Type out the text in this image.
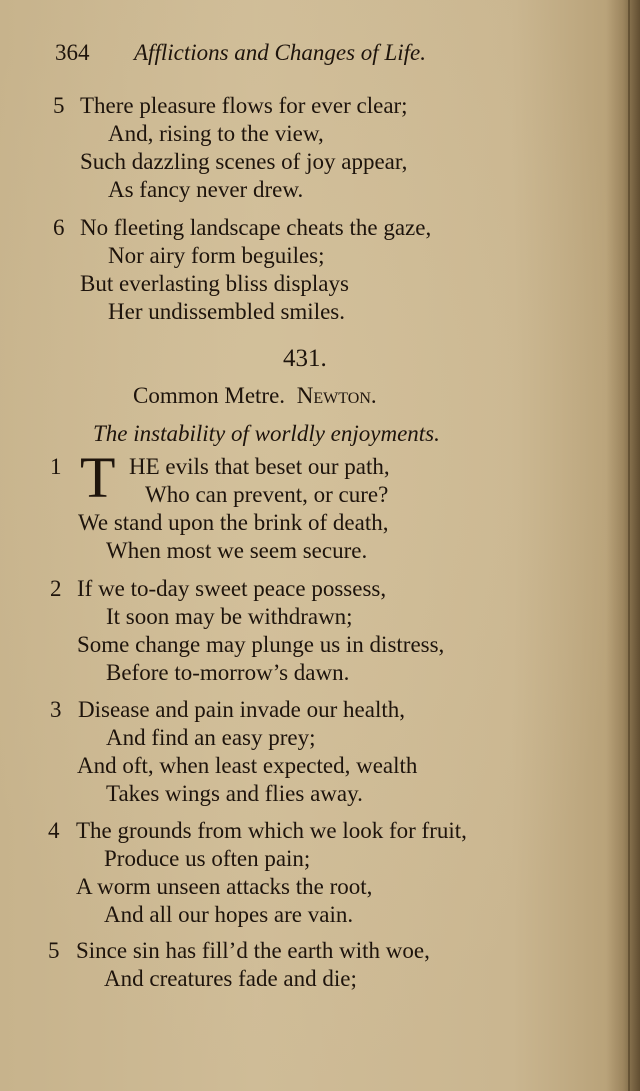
364 Afflictions and Changes of Life.
5 There pleasure flows for ever clear;
And, rising to the view,
Such dazzling scenes of joy appear,
As fancy never drew.
6 No fleeting landscape cheats the gaze,
Nor airy form beguiles;
But everlasting bliss displays
Her undissembled smiles.
431.
Common Metre. Newton.
The instability of worldly enjoyments.
1 T HE evils that beset our path,
Who can prevent, or cure?
We stand upon the brink of death,
When most we seem secure.
2 If we to-day sweet peace possess,
It soon may be withdrawn;
Some change may plunge us in distress,
Before to-morrow’s dawn.
3 Disease and pain invade our health,
And find an easy prey;
And oft, when least expected, wealth
Takes wings and flies away.
4 The grounds from which we look for fruit,
Produce us often pain;
A worm unseen attacks the root,
And all our hopes are vain.
5 Since sin has fill’d the earth with woe,
And creatures fade and die;
